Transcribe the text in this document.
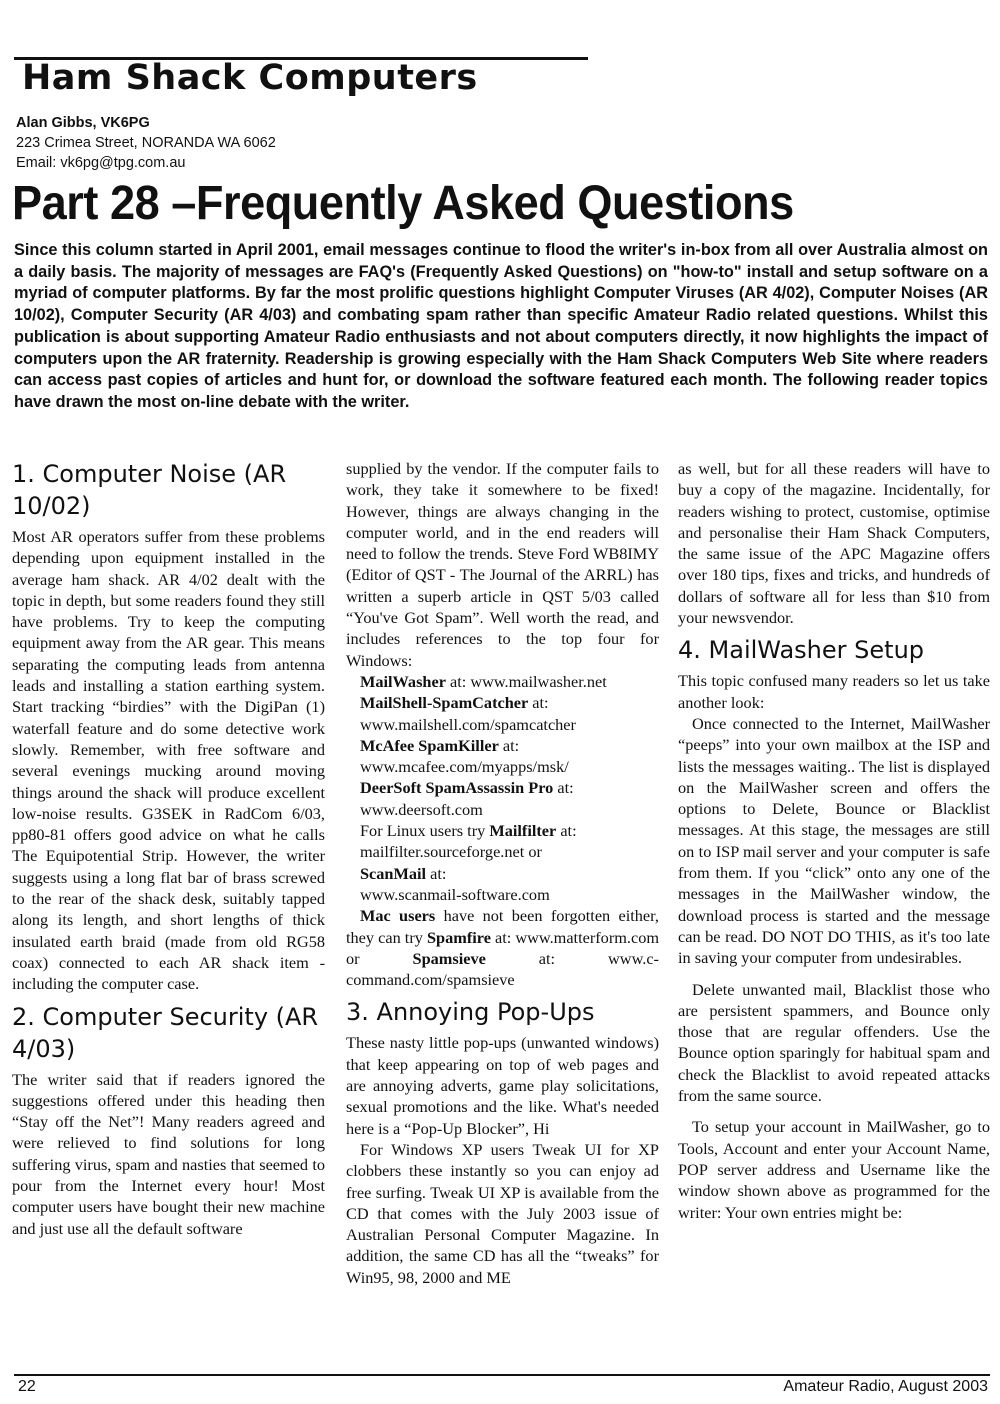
Ham Shack Computers
Alan Gibbs, VK6PG
223 Crimea Street, NORANDA WA 6062
Email: vk6pg@tpg.com.au
Part 28 –Frequently Asked Questions
Since this column started in April 2001, email messages continue to flood the writer's in-box from all over Australia almost on a daily basis. The majority of messages are FAQ's (Frequently Asked Questions) on "how-to" install and setup software on a myriad of computer platforms. By far the most prolific questions highlight Computer Viruses (AR 4/02), Computer Noises (AR 10/02), Computer Security (AR 4/03) and combating spam rather than specific Amateur Radio related questions. Whilst this publication is about supporting Amateur Radio enthusiasts and not about computers directly, it now highlights the impact of computers upon the AR fraternity. Readership is growing especially with the Ham Shack Computers Web Site where readers can access past copies of articles and hunt for, or download the software featured each month. The following reader topics have drawn the most on-line debate with the writer.
1. Computer Noise (AR 10/02)

Most AR operators suffer from these problems depending upon equipment installed in the average ham shack. AR 4/02 dealt with the topic in depth, but some readers found they still have problems. Try to keep the computing equipment away from the AR gear. This means separating the computing leads from antenna leads and installing a station earthing system. Start tracking “birdies” with the DigiPan (1) waterfall feature and do some detective work slowly. Remember, with free software and several evenings mucking around moving things around the shack will produce excellent low-noise results. G3SEK in RadCom 6/03, pp80-81 offers good advice on what he calls The Equipotential Strip. However, the writer suggests using a long flat bar of brass screwed to the rear of the shack desk, suitably tapped along its length, and short lengths of thick insulated earth braid (made from old RG58 coax) connected to each AR shack item - including the computer case.

2. Computer Security (AR 4/03)

The writer said that if readers ignored the suggestions offered under this heading then “Stay off the Net”! Many readers agreed and were relieved to find solutions for long suffering virus, spam and nasties that seemed to pour from the Internet every hour! Most computer users have bought their new machine and just use all the default software

supplied by the vendor. If the computer fails to work, they take it somewhere to be fixed! However, things are always changing in the computer world, and in the end readers will need to follow the trends. Steve Ford WB8IMY (Editor of QST - The Journal of the ARRL) has written a superb article in QST 5/03 called “You've Got Spam”. Well worth the read, and includes references to the top four for Windows:

MailWasher at: www.mailwasher.net
MailShell-SpamCatcher at:
www.mailshell.com/spamcatcher
McAfee SpamKiller at:
www.mcafee.com/myapps/msk/
DeerSoft SpamAssassin Pro at:
www.deersoft.com
For Linux users try Mailfilter at:
mailfilter.sourceforge.net or
ScanMail at:
www.scanmail-software.com

Mac users have not been forgotten either, they can try Spamfire at: www.matterform.com or Spamsieve at: www.c-command.com/spamsieve

3. Annoying Pop-Ups

These nasty little pop-ups (unwanted windows) that keep appearing on top of web pages and are annoying adverts, game play solicitations, sexual promotions and the like. What's needed here is a “Pop-Up Blocker”, Hi

For Windows XP users Tweak UI for XP clobbers these instantly so you can enjoy ad free surfing. Tweak UI XP is available from the CD that comes with the July 2003 issue of Australian Personal Computer Magazine. In addition, the same CD has all the “tweaks” for Win95, 98, 2000 and ME

as well, but for all these readers will have to buy a copy of the magazine. Incidentally, for readers wishing to protect, customise, optimise and personalise their Ham Shack Computers, the same issue of the APC Magazine offers over 180 tips, fixes and tricks, and hundreds of dollars of software all for less than $10 from your newsvendor.

4. MailWasher Setup

This topic confused many readers so let us take another look:

Once connected to the Internet, MailWasher “peeps” into your own mailbox at the ISP and lists the messages waiting.. The list is displayed on the MailWasher screen and offers the options to Delete, Bounce or Blacklist messages. At this stage, the messages are still on to ISP mail server and your computer is safe from them. If you “click” onto any one of the messages in the MailWasher window, the download process is started and the message can be read. DO NOT DO THIS, as it's too late in saving your computer from undesirables.

Delete unwanted mail, Blacklist those who are persistent spammers, and Bounce only those that are regular offenders. Use the Bounce option sparingly for habitual spam and check the Blacklist to avoid repeated attacks from the same source.

To setup your account in MailWasher, go to Tools, Account and enter your Account Name, POP server address and Username like the window shown above as programmed for the writer: Your own entries might be:

22	Amateur Radio, August 2003
